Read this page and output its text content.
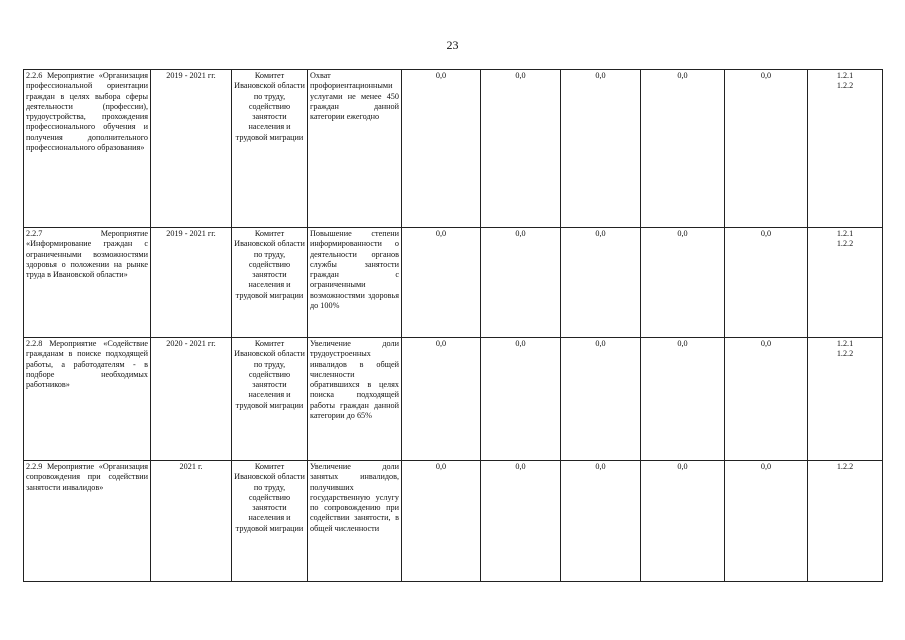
23
2.2.6 Мероприятие «Организация профессиональной ориентации граждан в целях выбора сферы деятельности (профессии), трудоустройства, прохождения профессионального обучения и получения дополнительного профессионального образования»	2019 - 2021 гг.	Комитет Ивановской области по труду, содействию занятости населения и трудовой миграции	Охват профориентационными услугами не менее 450 граждан данной категории ежегодно	0,0	0,0	0,0	0,0	0,0	1.2.1
1.2.2

2.2.7 Мероприятие «Информирование граждан с ограниченными возможностями здоровья о положении на рынке труда в Ивановской области»	2019 - 2021 гг.	Комитет Ивановской области по труду, содействию занятости населения и трудовой миграции	Повышение степени информированности о деятельности органов службы занятости граждан с ограниченными возможностями здоровья до 100%	0,0	0,0	0,0	0,0	0,0	1.2.1
1.2.2

2.2.8 Мероприятие «Содействие гражданам в поиске подходящей работы, а работодателям - в подборе необходимых работников»	2020 - 2021 гг.	Комитет Ивановской области по труду, содействию занятости населения и трудовой миграции	Увеличение доли трудоустроенных инвалидов в общей численности обратившихся в целях поиска подходящей работы граждан данной категории до 65%	0,0	0,0	0,0	0,0	0,0	1.2.1
1.2.2

2.2.9 Мероприятие «Организация сопровождения при содействии занятости инвалидов»	2021 г.	Комитет Ивановской области по труду, содействию занятости населения и трудовой миграции	Увеличение доли занятых инвалидов, получивших государственную услугу по сопровождению при содействии занятости, в общей численности	0,0	0,0	0,0	0,0	0,0	1.2.2
